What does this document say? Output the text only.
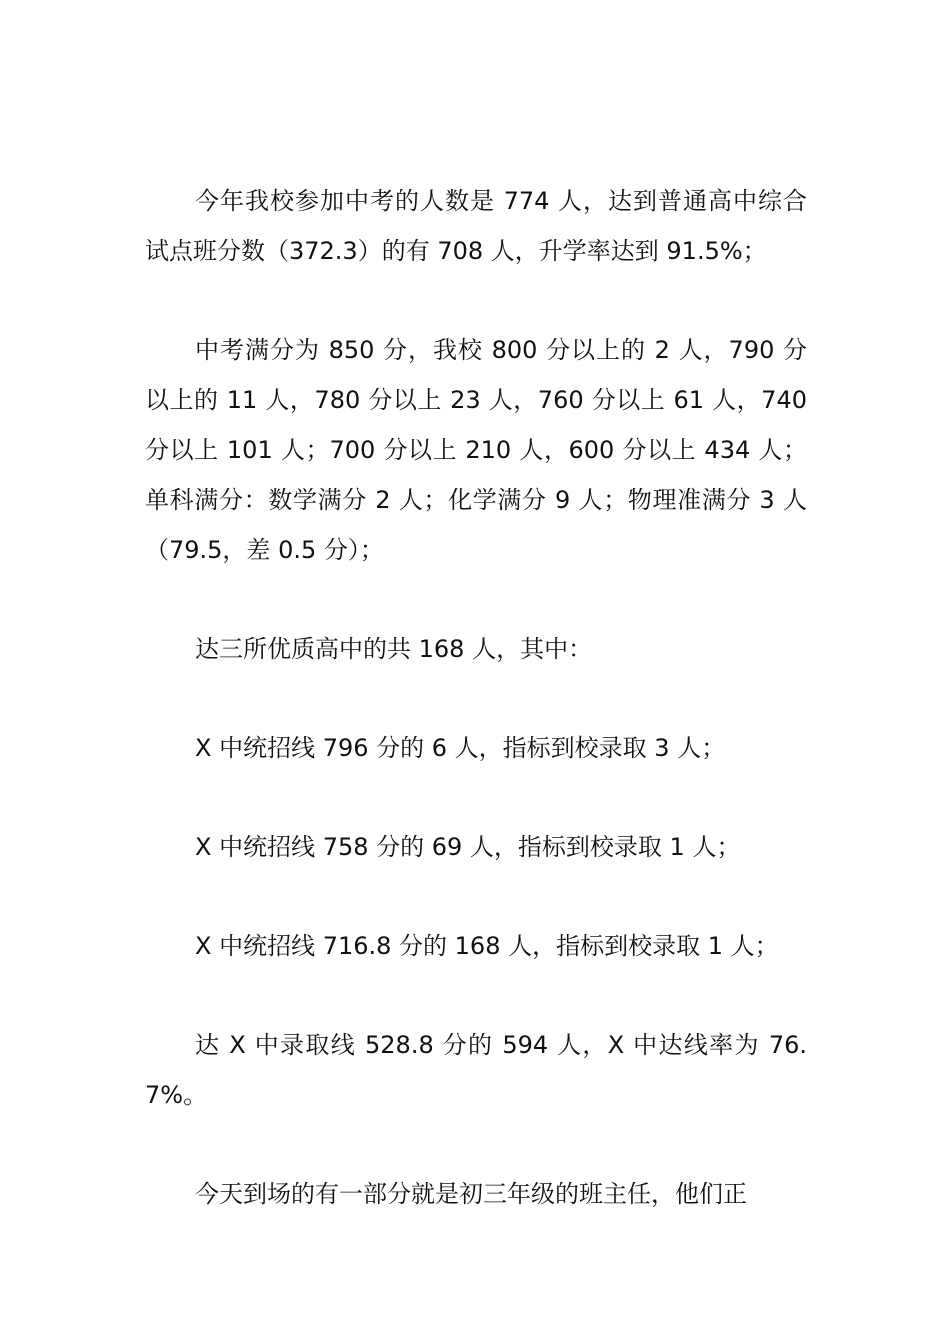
今年我校参加中考的人数是 774 人，达到普通高中综合试点班分数（372.3）的有 708 人，升学率达到 91.5%；

中考满分为 850 分，我校 800 分以上的 2 人，790 分以上的 11 人，780 分以上 23 人，760 分以上 61 人，740 分以上 101 人；700 分以上 210 人，600 分以上 434 人；单科满分：数学满分 2 人；化学满分 9 人；物理准满分 3 人（79.5，差 0.5 分）；

达三所优质高中的共 168 人，其中：

X 中统招线 796 分的 6 人，指标到校录取 3 人；

X 中统招线 758 分的 69 人，指标到校录取 1 人；

X 中统招线 716.8 分的 168 人，指标到校录取 1 人；

达 X 中录取线 528.8 分的 594 人，X 中达线率为 76.7%。

今天到场的有一部分就是初三年级的班主任，他们正
